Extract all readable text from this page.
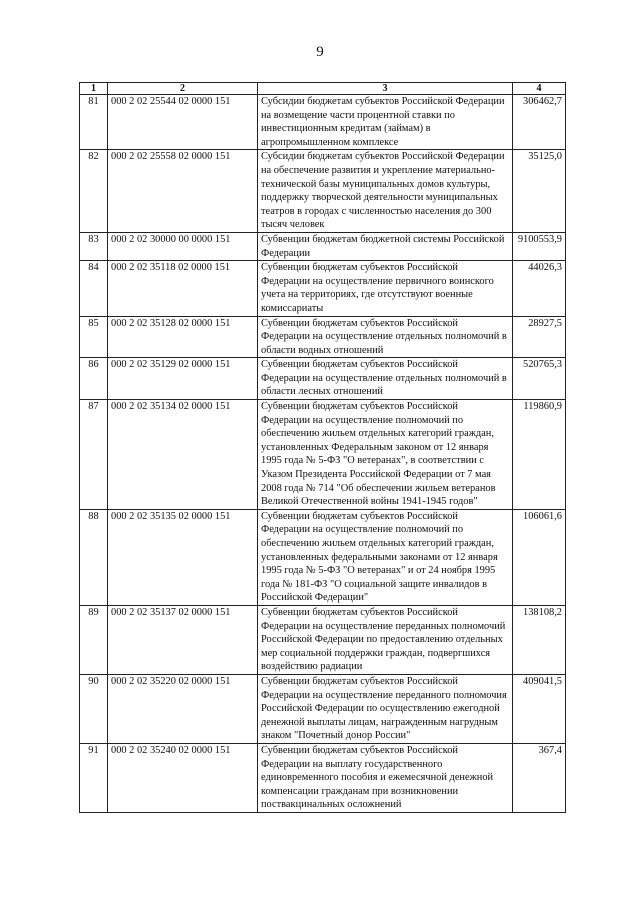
9
1	2	3	4
81	000 2 02 25544 02 0000 151	Субсидии бюджетам субъектов Российской Федерации на возмещение части процентной ставки по инвестиционным кредитам (займам) в агропромышленном комплексе	306462,7
82	000 2 02 25558 02 0000 151	Субсидии бюджетам субъектов Российской Федерации на обеспечение развития и укрепление материально-технической базы муниципальных домов культуры, поддержку творческой деятельности муниципальных театров в городах с численностью населения до 300 тысяч человек	35125,0
83	000 2 02 30000 00 0000 151	Субвенции бюджетам бюджетной системы Российской Федерации	9100553,9
84	000 2 02 35118 02 0000 151	Субвенции бюджетам субъектов Российской Федерации на осуществление первичного воинского учета на территориях, где отсутствуют военные комиссариаты	44026,3
85	000 2 02 35128 02 0000 151	Субвенции бюджетам субъектов Российской Федерации на осуществление отдельных полномочий в области водных отношений	28927,5
86	000 2 02 35129 02 0000 151	Субвенции бюджетам субъектов Российской Федерации на осуществление отдельных полномочий в области лесных отношений	520765,3
87	000 2 02 35134 02 0000 151	Субвенции бюджетам субъектов Российской Федерации на осуществление полномочий по обеспечению жильем отдельных категорий граждан, установленных Федеральным законом от 12 января 1995 года № 5-ФЗ "О ветеранах", в соответствии с Указом Президента Российской Федерации от 7 мая 2008 года № 714 "Об обеспечении жильем ветеранов Великой Отечественной войны 1941-1945 годов"	119860,9
88	000 2 02 35135 02 0000 151	Субвенции бюджетам субъектов Российской Федерации на осуществление полномочий по обеспечению жильем отдельных категорий граждан, установленных федеральными законами от 12 января 1995 года № 5-ФЗ "О ветеранах" и от 24 ноября 1995 года № 181-ФЗ "О социальной защите инвалидов в Российской Федерации"	106061,6
89	000 2 02 35137 02 0000 151	Субвенции бюджетам субъектов Российской Федерации на осуществление переданных полномочий Российской Федерации по предоставлению отдельных мер социальной поддержки граждан, подвергшихся воздействию радиации	138108,2
90	000 2 02 35220 02 0000 151	Субвенции бюджетам субъектов Российской Федерации на осуществление переданного полномочия Российской Федерации по осуществлению ежегодной денежной выплаты лицам, награжденным нагрудным знаком "Почетный донор России"	409041,5
91	000 2 02 35240 02 0000 151	Субвенции бюджетам субъектов Российской Федерации на выплату государственного единовременного пособия и ежемесячной денежной компенсации гражданам при возникновении поствакцинальных осложнений	367,4
